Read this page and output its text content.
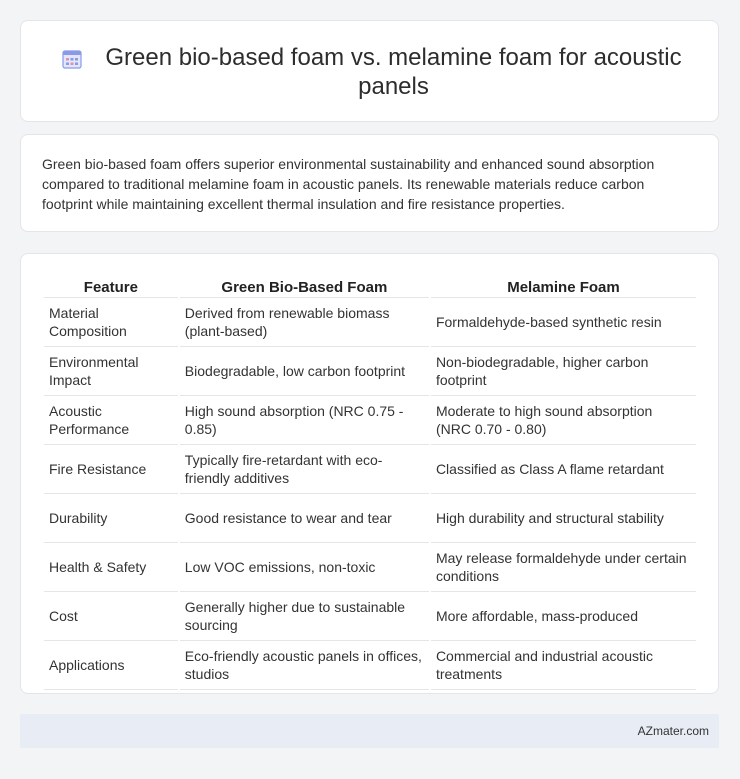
Green bio-based foam vs. melamine foam for acoustic panels

Green bio-based foam offers superior environmental sustainability and enhanced sound absorption compared to traditional melamine foam in acoustic panels. Its renewable materials reduce carbon footprint while maintaining excellent thermal insulation and fire resistance properties.

Feature	Green Bio-Based Foam	Melamine Foam
Material Composition	Derived from renewable biomass (plant-based)	Formaldehyde-based synthetic resin
Environmental Impact	Biodegradable, low carbon footprint	Non-biodegradable, higher carbon footprint
Acoustic Performance	High sound absorption (NRC 0.75 - 0.85)	Moderate to high sound absorption (NRC 0.70 - 0.80)
Fire Resistance	Typically fire-retardant with eco-friendly additives	Classified as Class A flame retardant
Durability	Good resistance to wear and tear	High durability and structural stability
Health & Safety	Low VOC emissions, non-toxic	May release formaldehyde under certain conditions
Cost	Generally higher due to sustainable sourcing	More affordable, mass-produced
Applications	Eco-friendly acoustic panels in offices, studios	Commercial and industrial acoustic treatments
AZmater.com
